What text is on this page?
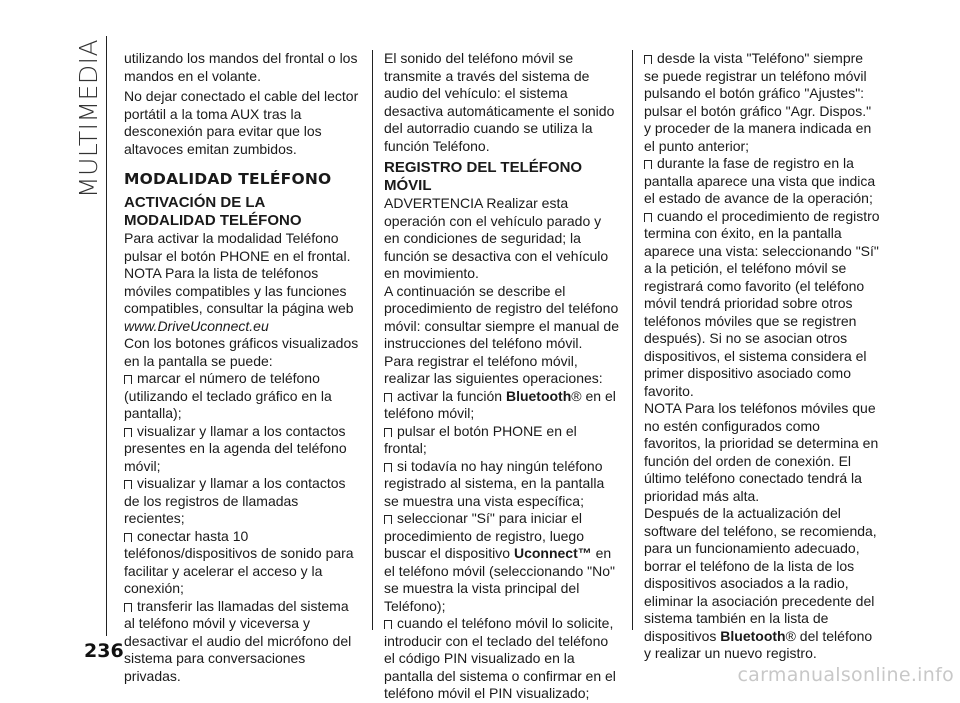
MULTIMEDIA
236
carmanualsonline.info

utilizando los mandos del frontal o los mandos en el volante.

No dejar conectado el cable del lector portátil a la toma AUX tras la desconexión para evitar que los altavoces emitan zumbidos.

MODALIDAD TELÉFONO
ACTIVACIÓN DE LA MODALIDAD TELÉFONO

Para activar la modalidad Teléfono pulsar el botón PHONE en el frontal.

NOTA Para la lista de teléfonos móviles compatibles y las funciones compatibles, consultar la página web

www.DriveUconnect.eu

Con los botones gráficos visualizados en la pantalla se puede:

marcar el número de teléfono (utilizando el teclado gráfico en la pantalla);

visualizar y llamar a los contactos presentes en la agenda del teléfono móvil;

visualizar y llamar a los contactos de los registros de llamadas recientes;

conectar hasta 10 teléfonos/dispositivos de sonido para facilitar y acelerar el acceso y la conexión;

transferir las llamadas del sistema al teléfono móvil y viceversa y desactivar el audio del micrófono del sistema para conversaciones privadas.

El sonido del teléfono móvil se transmite a través del sistema de audio del vehículo: el sistema desactiva automáticamente el sonido del autorradio cuando se utiliza la función Teléfono.

REGISTRO DEL TELÉFONO MÓVIL

ADVERTENCIA Realizar esta operación con el vehículo parado y en condiciones de seguridad; la función se desactiva con el vehículo en movimiento.

A continuación se describe el procedimiento de registro del teléfono móvil: consultar siempre el manual de instrucciones del teléfono móvil.

Para registrar el teléfono móvil, realizar las siguientes operaciones:

activar la función Bluetooth® en el teléfono móvil;

pulsar el botón PHONE en el frontal;

si todavía no hay ningún teléfono registrado al sistema, en la pantalla se muestra una vista específica;

seleccionar "Sí" para iniciar el procedimiento de registro, luego buscar el dispositivo Uconnect™ en el teléfono móvil (seleccionando "No" se muestra la vista principal del Teléfono);

cuando el teléfono móvil lo solicite, introducir con el teclado del teléfono el código PIN visualizado en la pantalla del sistema o confirmar en el teléfono móvil el PIN visualizado;

desde la vista "Teléfono" siempre se puede registrar un teléfono móvil pulsando el botón gráfico "Ajustes": pulsar el botón gráfico "Agr. Dispos." y proceder de la manera indicada en el punto anterior;

durante la fase de registro en la pantalla aparece una vista que indica el estado de avance de la operación;

cuando el procedimiento de registro termina con éxito, en la pantalla aparece una vista: seleccionando "Sí" a la petición, el teléfono móvil se registrará como favorito (el teléfono móvil tendrá prioridad sobre otros teléfonos móviles que se registren después). Si no se asocian otros dispositivos, el sistema considera el primer dispositivo asociado como favorito.

NOTA Para los teléfonos móviles que no estén configurados como favoritos, la prioridad se determina en función del orden de conexión. El último teléfono conectado tendrá la prioridad más alta.

Después de la actualización del software del teléfono, se recomienda, para un funcionamiento adecuado, borrar el teléfono de la lista de los dispositivos asociados a la radio, eliminar la asociación precedente del sistema también en la lista de dispositivos Bluetooth® del teléfono y realizar un nuevo registro.
